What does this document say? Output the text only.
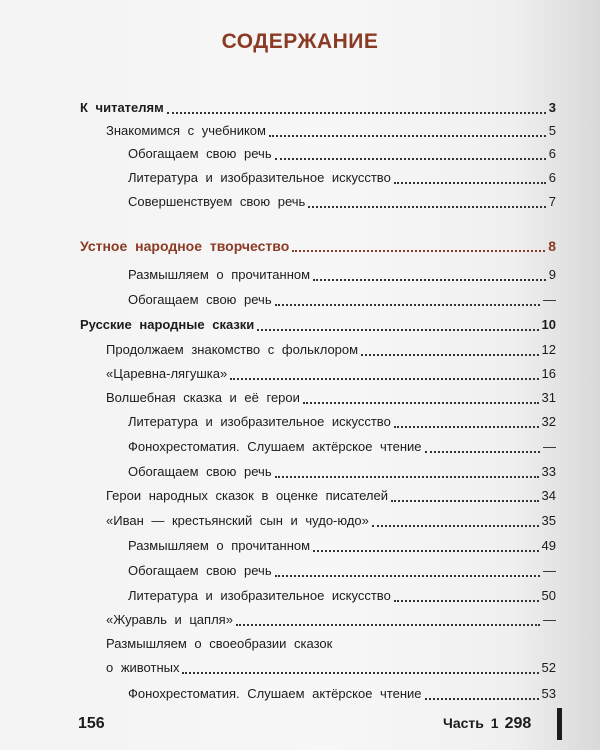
СОДЕРЖАНИЕ
К читателям	3
Знакомимся с учебником	5
Обогащаем свою речь	6
Литература и изобразительное искусство	6
Совершенствуем свою речь	7
Устное народное творчество	8
Размышляем о прочитанном	9
Обогащаем свою речь	—
Русские народные сказки	10
Продолжаем знакомство с фольклором	12
«Царевна-лягушка»	16
Волшебная сказка и её герои	31
Литература и изобразительное искусство	32
Фонохрестоматия. Слушаем актёрское чтение	—
Обогащаем свою речь	33
Герои народных сказок в оценке писателей	34
«Иван — крестьянский сын и чудо-юдо»	35
Размышляем о прочитанном	49
Обогащаем свою речь	—
Литература и изобразительное искусство	50
«Журавль и цапля»	—
Размышляем о своеобразии сказок
о животных	52
Фонохрестоматия. Слушаем актёрское чтение	53
156	Часть 1 298
